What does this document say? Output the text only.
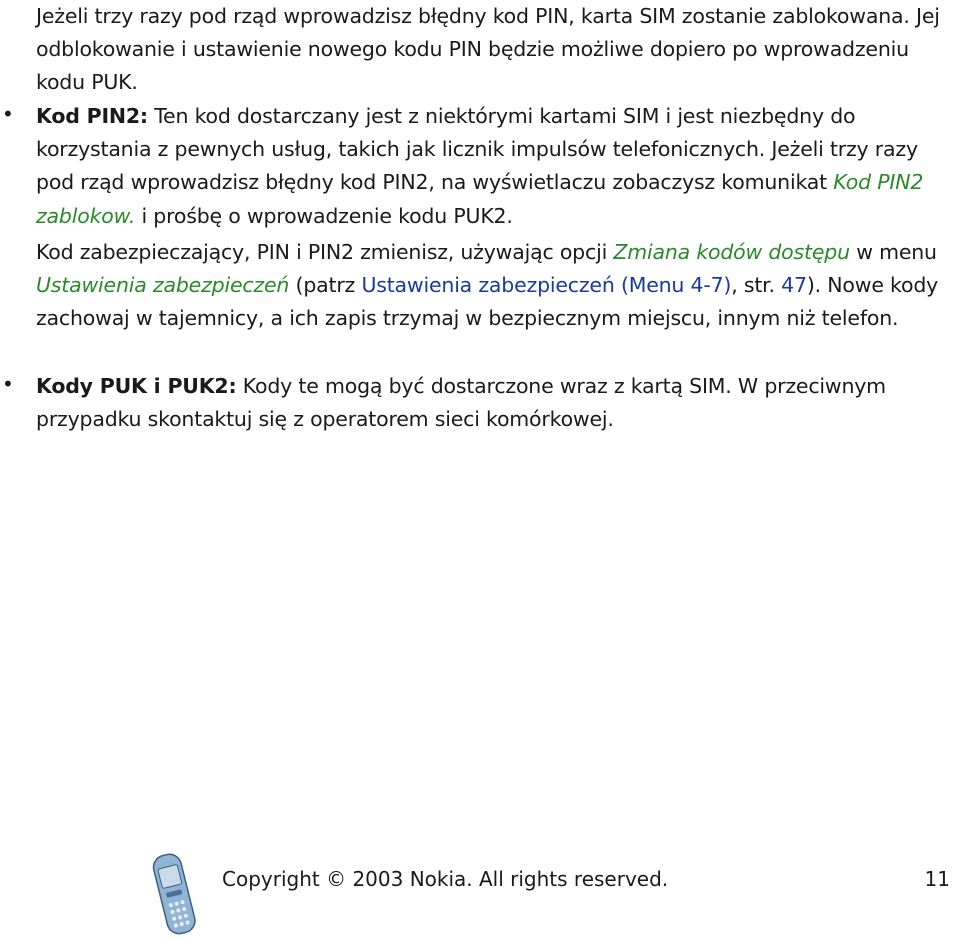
Jeżeli trzy razy pod rząd wprowadzisz błędny kod PIN, karta SIM zostanie zablokowana. Jej odblokowanie i ustawienie nowego kodu PIN będzie możliwe dopiero po wprowadzeniu kodu PUK.

• Kod PIN2: Ten kod dostarczany jest z niektórymi kartami SIM i jest niezbędny do korzystania z pewnych usług, takich jak licznik impulsów telefonicznych. Jeżeli trzy razy pod rząd wprowadzisz błędny kod PIN2, na wyświetlaczu zobaczysz komunikat Kod PIN2 zablokow. i prośbę o wprowadzenie kodu PUK2.

Kod zabezpieczający, PIN i PIN2 zmienisz, używając opcji Zmiana kodów dostępu w menu Ustawienia zabezpieczeń (patrz Ustawienia zabezpieczeń (Menu 4-7), str. 47). Nowe kody zachowaj w tajemnicy, a ich zapis trzymaj w bezpiecznym miejscu, innym niż telefon.

• Kody PUK i PUK2: Kody te mogą być dostarczone wraz z kartą SIM. W przeciwnym przypadku skontaktuj się z operatorem sieci komórkowej.

Copyright © 2003 Nokia. All rights reserved.	11
